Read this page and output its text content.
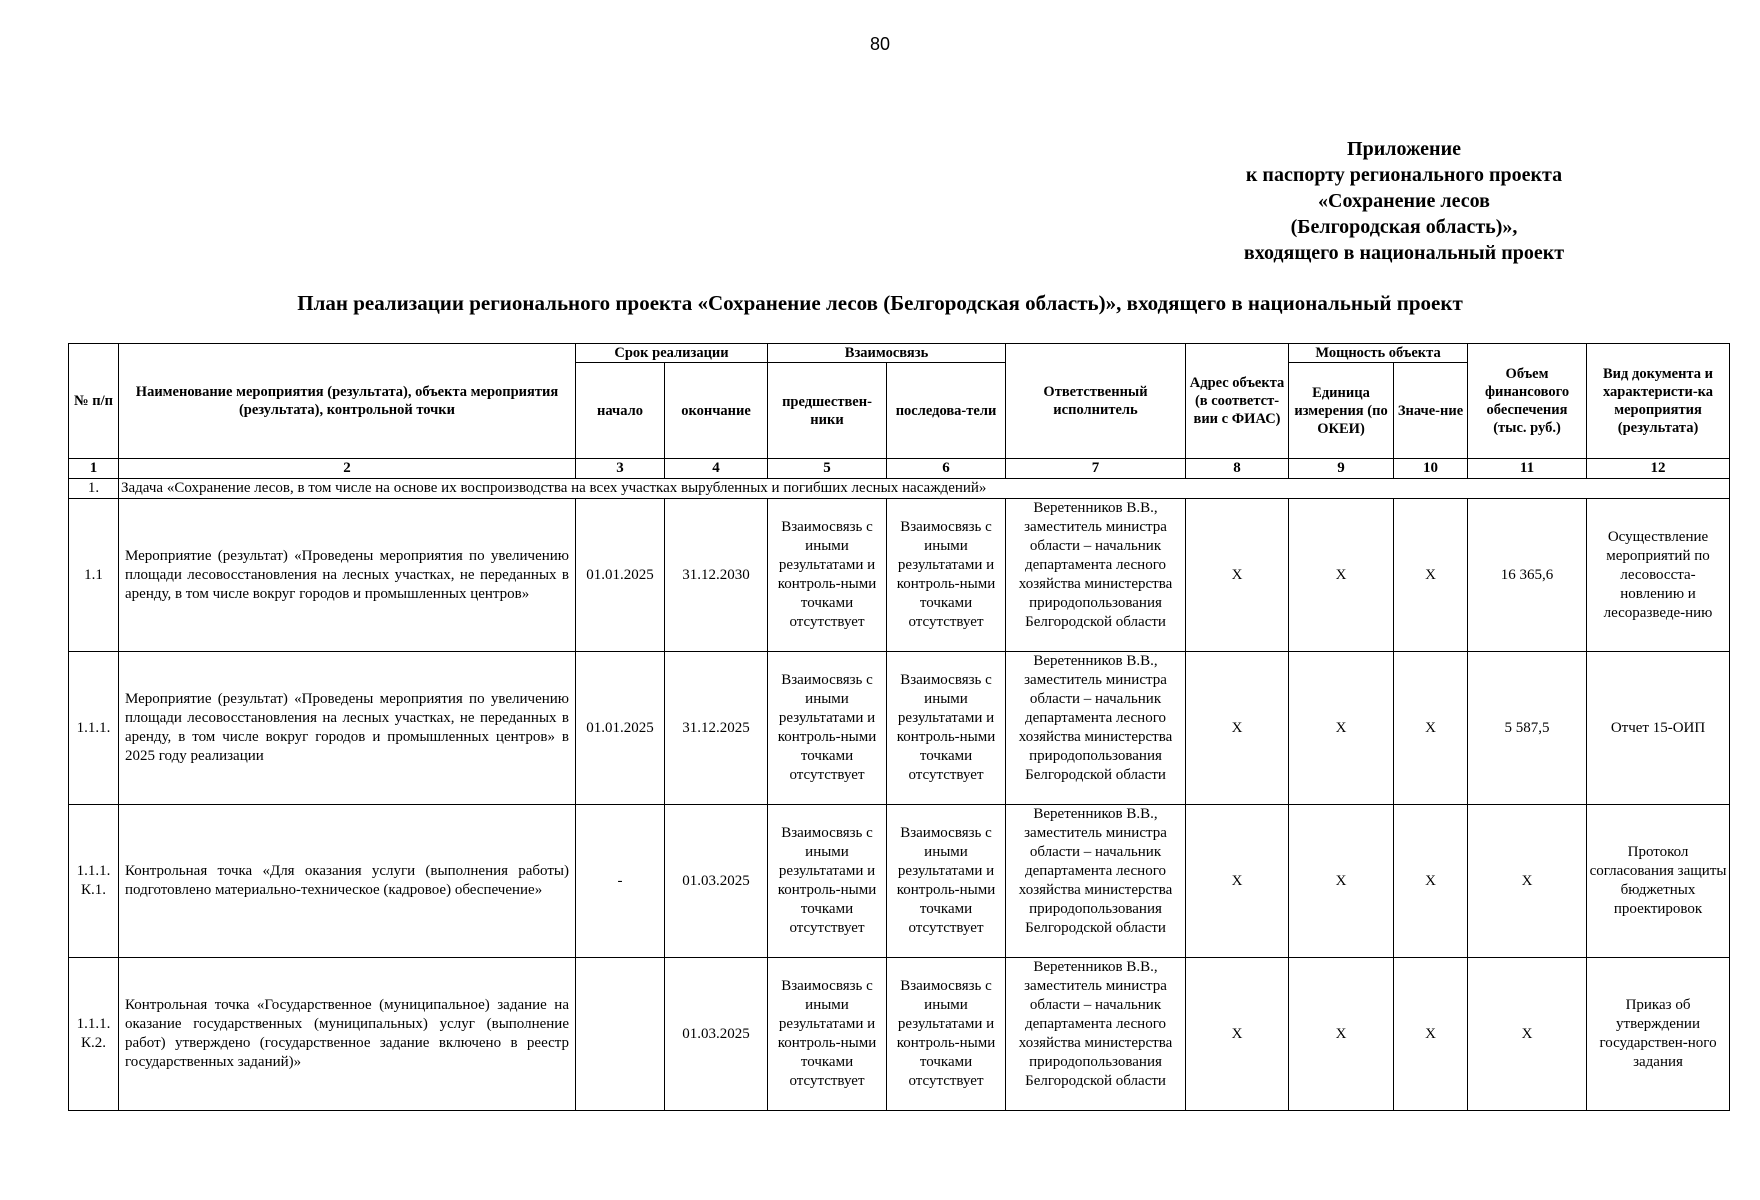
80
Приложение
к паспорту регионального проекта
«Сохранение лесов
(Белгородская область)»,
входящего в национальный проект
План реализации регионального проекта «Сохранение лесов (Белгородская область)», входящего в национальный проект
№ п/п	Наименование мероприятия (результата), объекта мероприятия (результата), контрольной точки	Срок реализации		Взаимосвязь		Ответственный исполнитель	Адрес объекта (в соответст-вии с ФИАС)	Мощность объекта		Объем финансового обеспечения (тыс. руб.)	Вид документа и характеристи-ка мероприятия (результата)
		начало	окончание	предшествен-ники	последова-тели			Единица измерения (по ОКЕИ)	Значе-ние		
1	2	3	4	5	6	7	8	9	10	11	12
1.	Задача «Сохранение лесов, в том числе на основе их воспроизводства на всех участках вырубленных и погибших лесных насаждений»										
1.1	Мероприятие (результат) «Проведены мероприятия по увеличению площади лесовосстановления на лесных участках, не переданных в аренду, в том числе вокруг городов и промышленных центров»	01.01.2025	31.12.2030	Взаимосвязь с иными результатами и контроль-ными точками отсутствует	Взаимосвязь с иными результатами и контроль-ными точками отсутствует	Веретенников В.В., заместитель министра области – начальник департамента лесного хозяйства министерства природопользования Белгородской области	X	X	X	16 365,6	Осуществление мероприятий по лесовосста-новлению и лесоразведе-нию
1.1.1.	Мероприятие (результат) «Проведены мероприятия по увеличению площади лесовосстановления на лесных участках, не переданных в аренду, в том числе вокруг городов и промышленных центров» в 2025 году реализации	01.01.2025	31.12.2025	Взаимосвязь с иными результатами и контроль-ными точками отсутствует	Взаимосвязь с иными результатами и контроль-ными точками отсутствует	Веретенников В.В., заместитель министра области – начальник департамента лесного хозяйства министерства природопользования Белгородской области	X	X	X	5 587,5	Отчет 15-ОИП
1.1.1. К.1.	Контрольная точка «Для оказания услуги (выполнения работы) подготовлено материально-техническое (кадровое) обеспечение»	-	01.03.2025	Взаимосвязь с иными результатами и контроль-ными точками отсутствует	Взаимосвязь с иными результатами и контроль-ными точками отсутствует	Веретенников В.В., заместитель министра области – начальник департамента лесного хозяйства министерства природопользования Белгородской области	X	X	X	X	Протокол согласования защиты бюджетных проектировок
1.1.1. К.2.	Контрольная точка «Государственное (муниципальное) задание на оказание государственных (муниципальных) услуг (выполнение работ) утверждено (государственное задание включено в реестр государственных заданий)»		01.03.2025	Взаимосвязь с иными результатами и контроль-ными точками отсутствует	Взаимосвязь с иными результатами и контроль-ными точками отсутствует	Веретенников В.В., заместитель министра области – начальник департамента лесного хозяйства министерства природопользования Белгородской области	X	X	X	X	Приказ об утверждении государствен-ного задания
